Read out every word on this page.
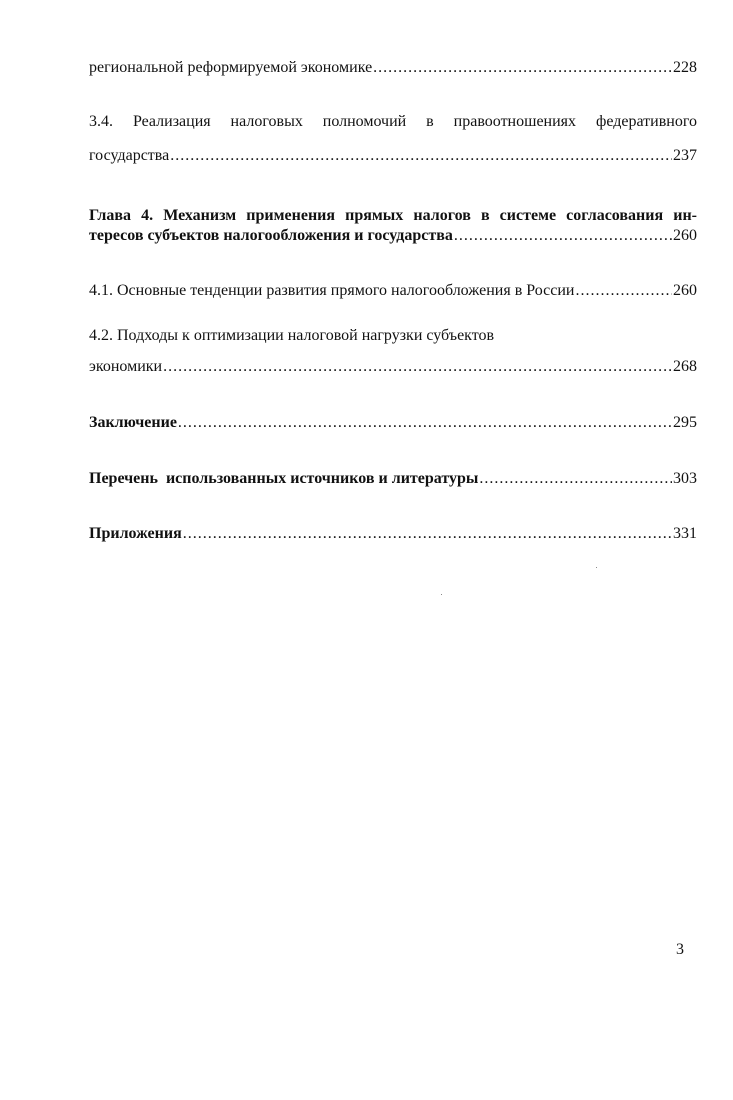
региональной реформируемой экономике .....	228
3.4. Реализация налоговых полномочий в правоотношениях федеративного
государства .....	237
Глава 4. Механизм применения прямых налогов в системе согласования ин-
тересов субъектов налогообложения и государства .....	260
4.1. Основные тенденции развития прямого налогообложения в России .....	260
4.2. Подходы к оптимизации налоговой нагрузки субъектов
экономики .....	268
Заключение .....	295
Перечень  использованных источников и литературы .....	303
Приложения .....	331
3
